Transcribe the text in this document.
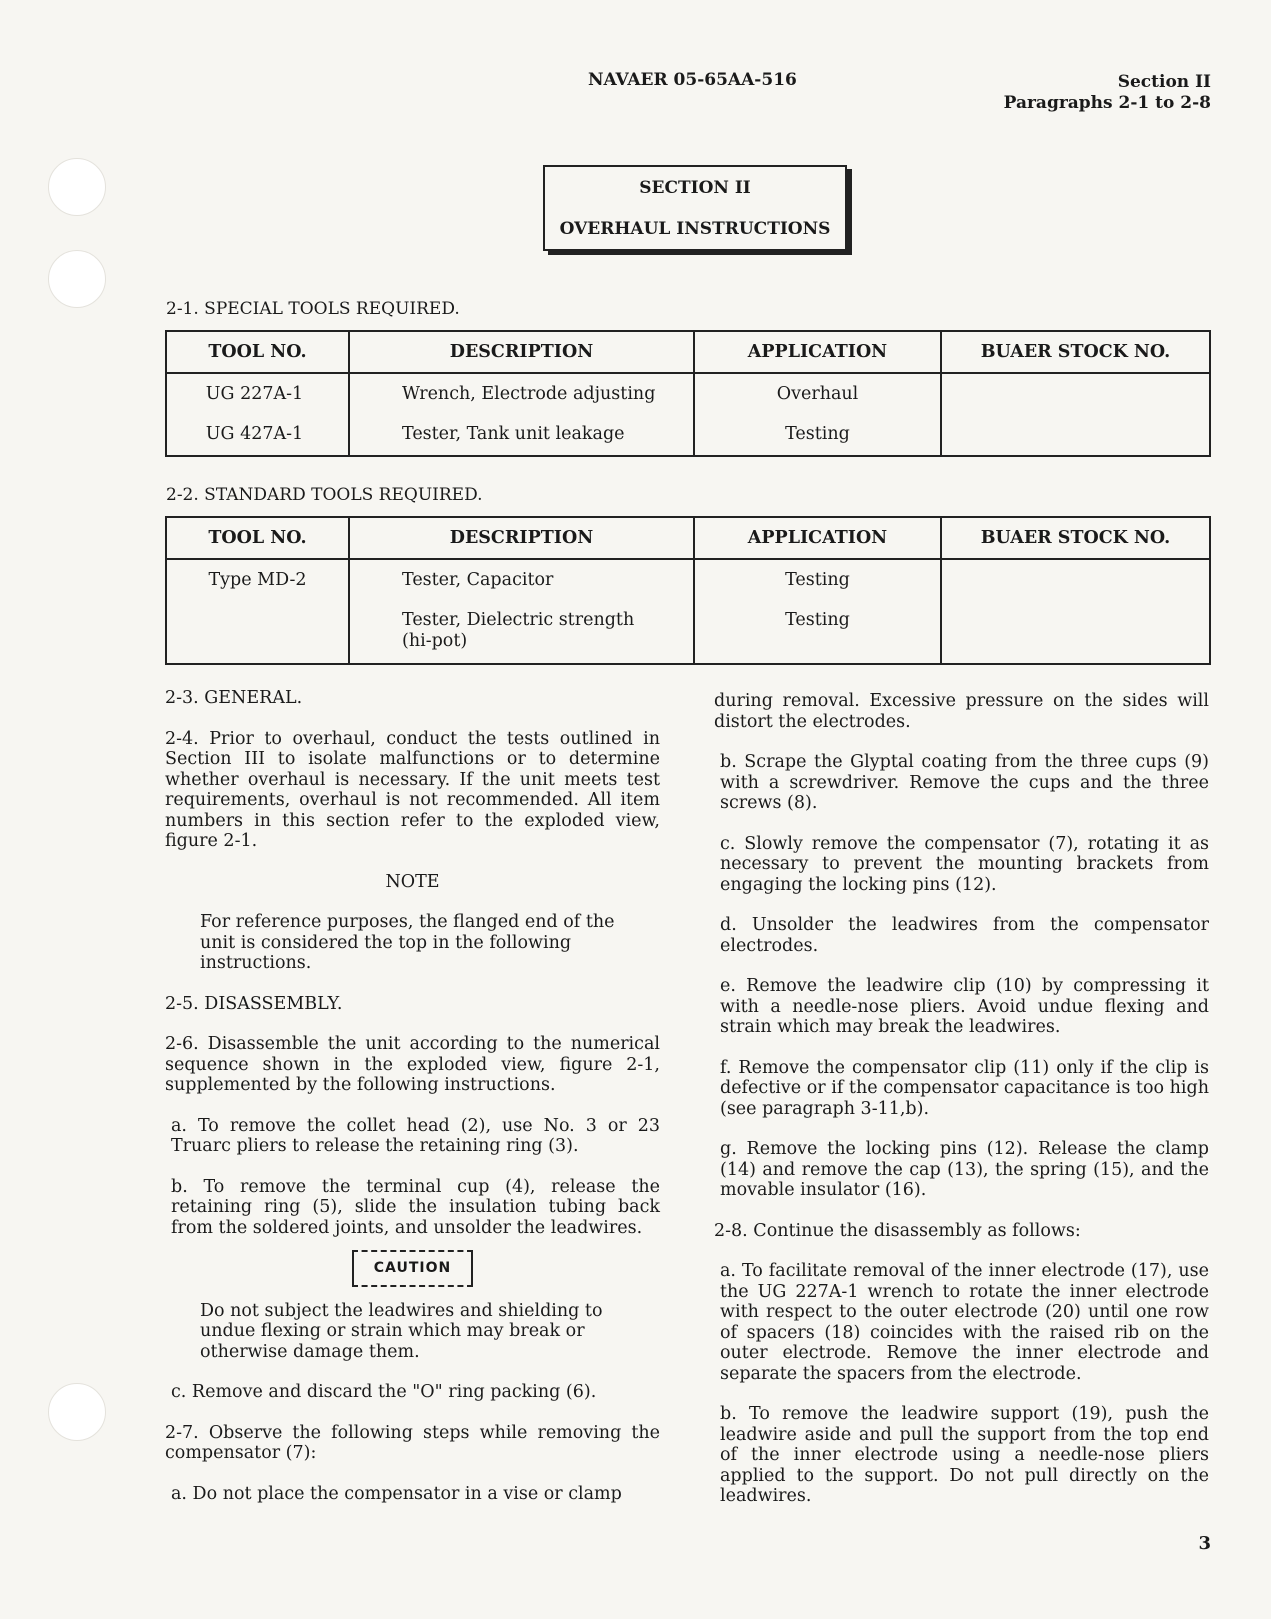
NAVAER 05-65AA-516	Section II
Paragraphs 2-1 to 2-8
SECTION II
OVERHAUL INSTRUCTIONS
2-1. SPECIAL TOOLS REQUIRED.
TOOL NO.	DESCRIPTION	APPLICATION	BUAER STOCK NO.
UG 227A-1	Wrench, Electrode adjusting	Overhaul	
UG 427A-1	Tester, Tank unit leakage	Testing	
2-2. STANDARD TOOLS REQUIRED.
TOOL NO.	DESCRIPTION	APPLICATION	BUAER STOCK NO.
Type MD-2	Tester, Capacitor	Testing	
	Tester, Dielectric strength (hi-pot)	Testing	

2-3. GENERAL.

2-4. Prior to overhaul, conduct the tests outlined in Section III to isolate malfunctions or to determine whether overhaul is necessary. If the unit meets test requirements, overhaul is not recommended. All item numbers in this section refer to the exploded view, figure 2-1.

NOTE

For reference purposes, the flanged end of the unit is considered the top in the following instructions.

2-5. DISASSEMBLY.

2-6. Disassemble the unit according to the numerical sequence shown in the exploded view, figure 2-1, supplemented by the following instructions.

a. To remove the collet head (2), use No. 3 or 23 Truarc pliers to release the retaining ring (3).

b. To remove the terminal cup (4), release the retaining ring (5), slide the insulation tubing back from the soldered joints, and unsolder the leadwires.

CAUTION

Do not subject the leadwires and shielding to undue flexing or strain which may break or otherwise damage them.

c. Remove and discard the "O" ring packing (6).

2-7. Observe the following steps while removing the compensator (7):

a. Do not place the compensator in a vise or clamp

during removal. Excessive pressure on the sides will distort the electrodes.

b. Scrape the Glyptal coating from the three cups (9) with a screwdriver. Remove the cups and the three screws (8).

c. Slowly remove the compensator (7), rotating it as necessary to prevent the mounting brackets from engaging the locking pins (12).

d. Unsolder the leadwires from the compensator electrodes.

e. Remove the leadwire clip (10) by compressing it with a needle-nose pliers. Avoid undue flexing and strain which may break the leadwires.

f. Remove the compensator clip (11) only if the clip is defective or if the compensator capacitance is too high (see paragraph 3-11,b).

g. Remove the locking pins (12). Release the clamp (14) and remove the cap (13), the spring (15), and the movable insulator (16).

2-8. Continue the disassembly as follows:

a. To facilitate removal of the inner electrode (17), use the UG 227A-1 wrench to rotate the inner electrode with respect to the outer electrode (20) until one row of spacers (18) coincides with the raised rib on the outer electrode. Remove the inner electrode and separate the spacers from the electrode.

b. To remove the leadwire support (19), push the leadwire aside and pull the support from the top end of the inner electrode using a needle-nose pliers applied to the support. Do not pull directly on the leadwires.

3
